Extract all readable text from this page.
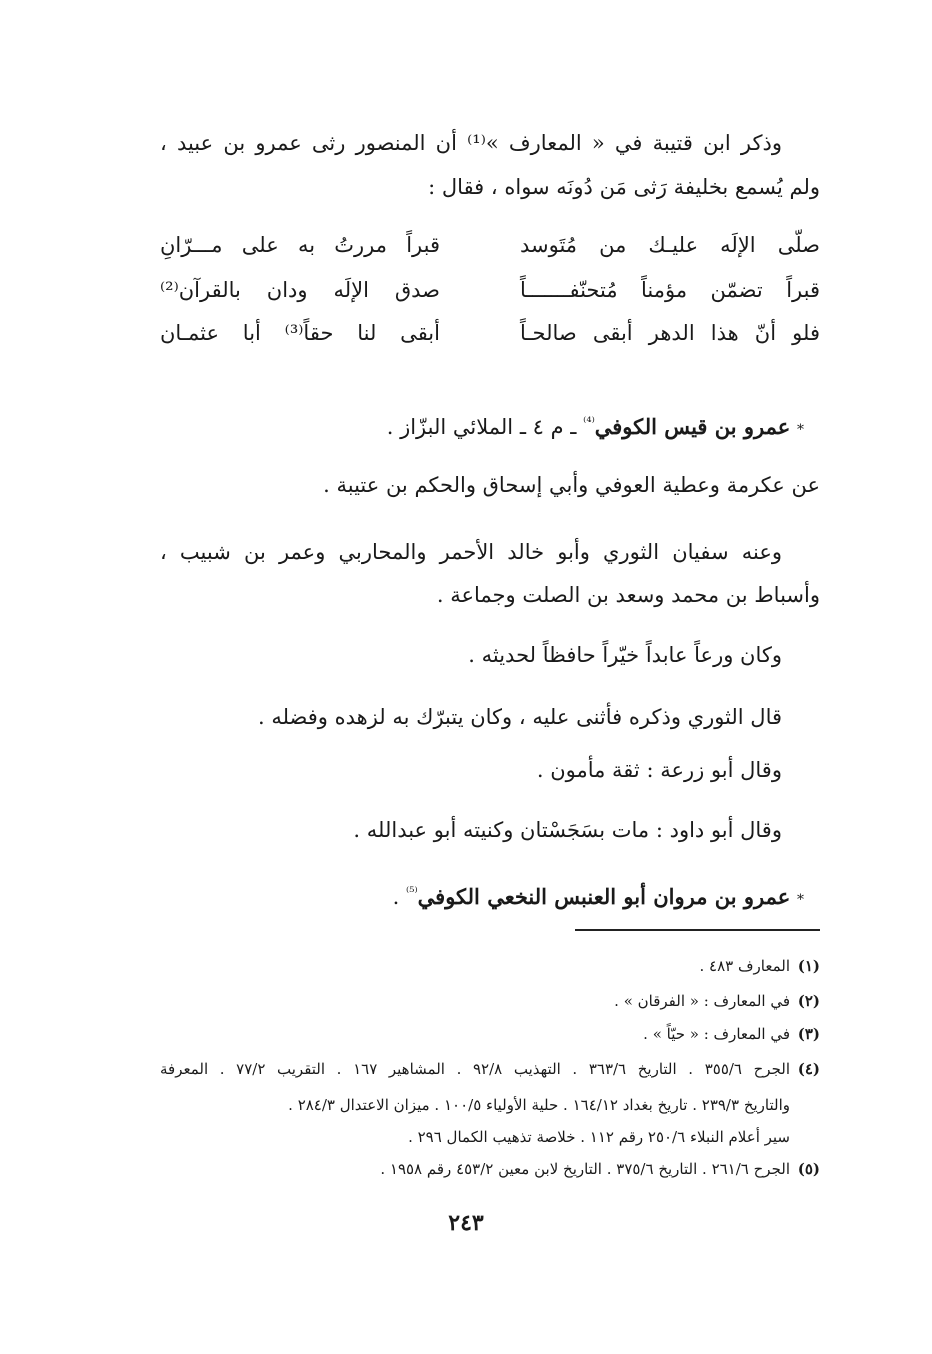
وذكر ابن قتيبة في « المعارف »⁽¹⁾ أن المنصور رثى عمرو بن عبيد ،
ولم يُسمع بخليفة رَثى مَن دُونَه سواه ، فقال :
صلّى الإلَه عليـك من مُتَوسد
قبراً مررتُ به على مـــرّانِ
قبراً تضمّن مؤمناً مُتحنّفـــــــاً
صدق الإلَه ودان بالقرآن⁽²⁾
فلو أنّ هذا الدهر أبقى صالحـاً
أبقى لنا حقاً⁽³⁾ أبا عثمـان
* عمرو بن قيس الكوفي$^{^{(4)}}$ ـ م ٤ ـ الملائي البزّاز .
عن عكرمة وعطية العوفي وأبي إسحاق والحكم بن عتيبة .
وعنه سفيان الثوري وأبو خالد الأحمر والمحاربي وعمر بن شبيب ،
وأسباط بن محمد وسعد بن الصلت وجماعة .
وكان ورعاً عابداً خيّراً حافظاً لحديثه .
قال الثوري وذكره فأثنى عليه ، وكان يتبرّك به لزهده وفضله .
وقال أبو زرعة : ثقة مأمون .
وقال أبو داود : مات بسَجَسْتان وكنيته أبو عبدالله .
* عمرو بن مروان أبو العنبس النخعي الكوفي$^{^{(5)}}$ .
(١)المعارف ٤٨٣ .
(٢)في المعارف : « الفرقان » .
(٣)في المعارف : « حيّاً » .
(٤)الجرح ٣٥٥/٦ . التاريخ ٣٦٣/٦ . التهذيب ٩٢/٨ . المشاهير ١٦٧ . التقريب ٧٧/٢ . المعرفة
والتاريخ ٢٣٩/٣ . تاريخ بغداد ١٦٤/١٢ . حلية الأولياء ١٠٠/٥ . ميزان الاعتدال ٢٨٤/٣ .
سير أعلام النبلاء ٢٥٠/٦ رقم ١١٢ . خلاصة تذهيب الكمال ٢٩٦ .
(٥)الجرح ٢٦١/٦ . التاريخ ٣٧٥/٦ . التاريخ لابن معين ٤٥٣/٢ رقم ١٩٥٨ .
٢٤٣
